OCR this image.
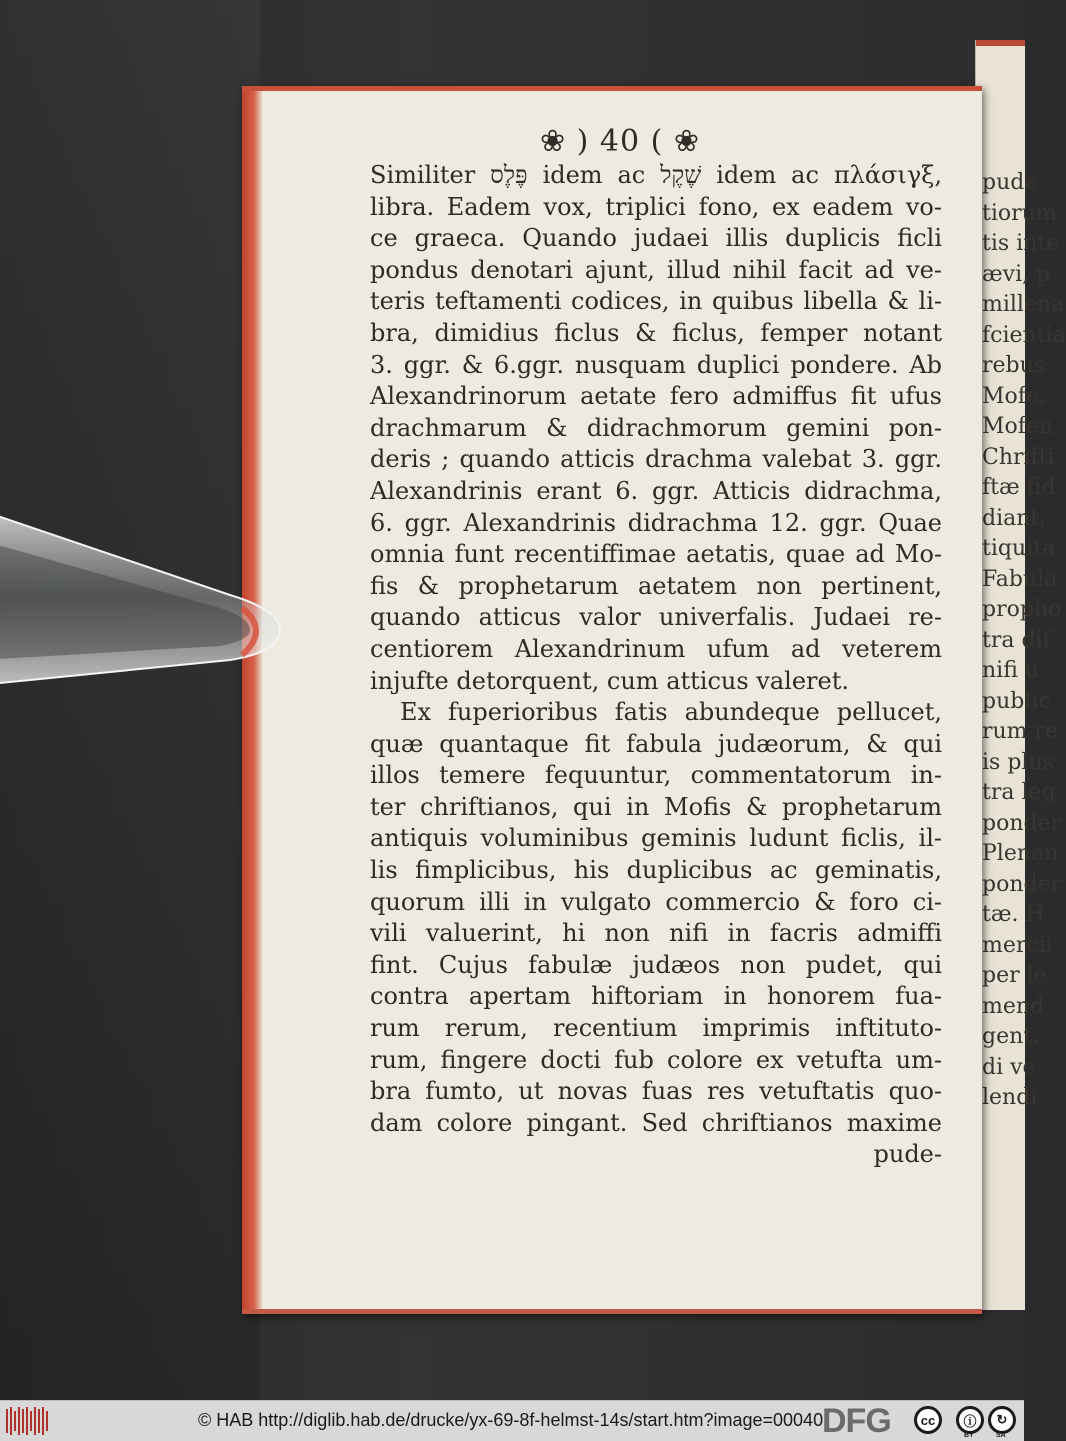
pude
tiorum
tis inte
ævi, p
millena
fcientia
rebus
Mofe.
Mofen
Chrifti
ftæ fid
diant,
tiquita
Fabula
propho
tra dif
nifi u
public
rum re
is plus
tra leg
ponder
Plenan
ponder
tæ. H
mercii
per le
mend
gent.
di ve
lendi
❀ ) 40 ( ❀
Similiter פֶּלֶס idem ac שֶׁקֶל idem ac πλάσιγξ,
libra. Eadem vox, triplici fono, ex eadem vo-
ce graeca. Quando judaei illis duplicis ficli
pondus denotari ajunt, illud nihil facit ad ve-
teris teftamenti codices, in quibus libella & li-
bra, dimidius ficlus & ficlus, femper notant
3. ggr. & 6.ggr. nusquam duplici pondere. Ab
Alexandrinorum aetate fero admiffus fit ufus
drachmarum & didrachmorum gemini pon-
deris ; quando atticis drachma valebat 3. ggr.
Alexandrinis erant 6. ggr. Atticis didrachma,
6. ggr. Alexandrinis didrachma 12. ggr. Quae
omnia funt recentiffimae aetatis, quae ad Mo-
fis & prophetarum aetatem non pertinent,
quando atticus valor univerfalis. Judaei re-
centiorem Alexandrinum ufum ad veterem
injufte detorquent, cum atticus valeret.
Ex fuperioribus fatis abundeque pellucet,
quæ quantaque fit fabula judæorum, & qui
illos temere fequuntur, commentatorum in-
ter chriftianos, qui in Mofis & prophetarum
antiquis voluminibus geminis ludunt ficlis, il-
lis fimplicibus, his duplicibus ac geminatis,
quorum illi in vulgato commercio & foro ci-
vili valuerint, hi non nifi in facris admiffi
fint. Cujus fabulæ judæos non pudet, qui
contra apertam hiftoriam in honorem fua-
rum rerum, recentium imprimis inftituto-
rum, fingere docti fub colore ex vetufta um-
bra fumto, ut novas fuas res vetuftatis quo-
dam colore pingant. Sed chriftianos maxime
pude-
© HAB http://diglib.hab.de/drucke/yx-69-8f-helmst-14s/start.htm?image=00040
DFG	cc	ⓘ	↻
BY	SA
